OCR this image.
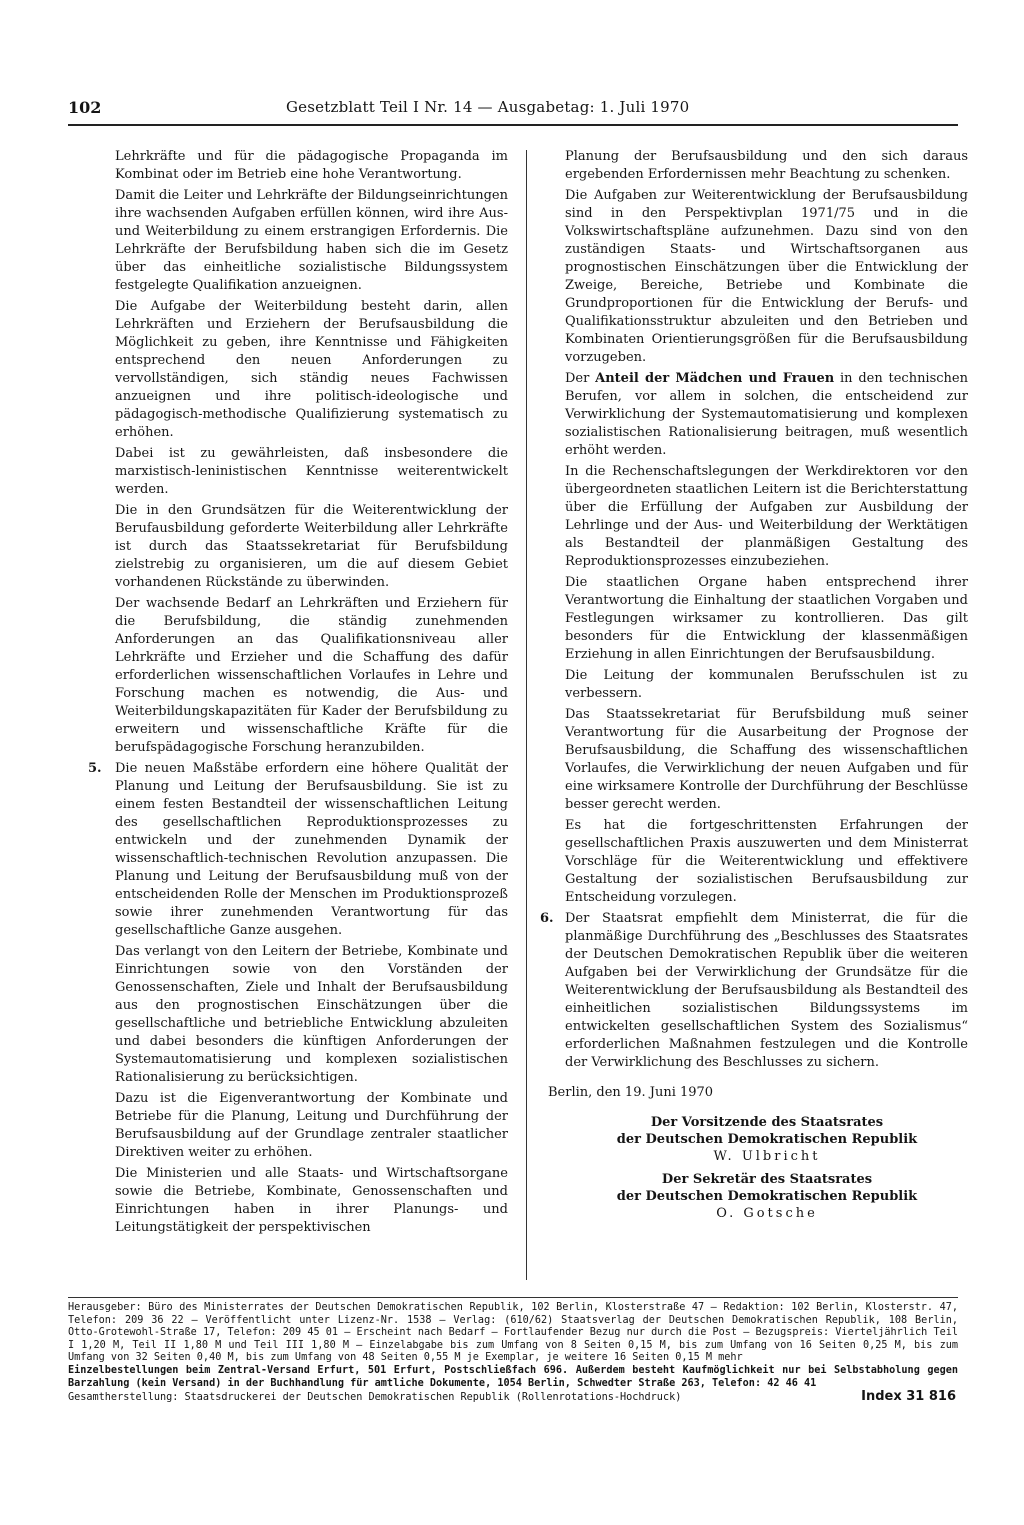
102	Gesetzblatt Teil I Nr. 14 — Ausgabetag: 1. Juli 1970

Lehrkräfte und für die pädagogische Propaganda im Kombinat oder im Betrieb eine hohe Verantwortung.

Damit die Leiter und Lehrkräfte der Bildungseinrichtungen ihre wachsenden Aufgaben erfüllen können, wird ihre Aus- und Weiterbildung zu einem erstrangigen Erfordernis. Die Lehrkräfte der Berufsbildung haben sich die im Gesetz über das einheitliche sozialistische Bildungssystem festgelegte Qualifikation anzueignen.

Die Aufgabe der Weiterbildung besteht darin, allen Lehrkräften und Erziehern der Berufsausbildung die Möglichkeit zu geben, ihre Kenntnisse und Fähigkeiten entsprechend den neuen Anforderungen zu vervollständigen, sich ständig neues Fachwissen anzueignen und ihre politisch-ideologische und pädagogisch-methodische Qualifizierung systematisch zu erhöhen.

Dabei ist zu gewährleisten, daß insbesondere die marxistisch-leninistischen Kenntnisse weiterentwickelt werden.

Die in den Grundsätzen für die Weiterentwicklung der Berufausbildung geforderte Weiterbildung aller Lehrkräfte ist durch das Staatssekretariat für Berufsbildung zielstrebig zu organisieren, um die auf diesem Gebiet vorhandenen Rückstände zu überwinden.

Der wachsende Bedarf an Lehrkräften und Erziehern für die Berufsbildung, die ständig zunehmenden Anforderungen an das Qualifikationsniveau aller Lehrkräfte und Erzieher und die Schaffung des dafür erforderlichen wissenschaftlichen Vorlaufes in Lehre und Forschung machen es notwendig, die Aus- und Weiterbildungskapazitäten für Kader der Berufsbildung zu erweitern und wissenschaftliche Kräfte für die berufspädagogische Forschung heranzubilden.

5. Die neuen Maßstäbe erfordern eine höhere Qualität der Planung und Leitung der Berufsausbildung. Sie ist zu einem festen Bestandteil der wissenschaftlichen Leitung des gesellschaftlichen Reproduktionsprozesses zu entwickeln und der zunehmenden Dynamik der wissenschaftlich-technischen Revolution anzupassen. Die Planung und Leitung der Berufsausbildung muß von der entscheidenden Rolle der Menschen im Produktionsprozeß sowie ihrer zunehmenden Verantwortung für das gesellschaftliche Ganze ausgehen.

Das verlangt von den Leitern der Betriebe, Kombinate und Einrichtungen sowie von den Vorständen der Genossenschaften, Ziele und Inhalt der Berufsausbildung aus den prognostischen Einschätzungen über die gesellschaftliche und betriebliche Entwicklung abzuleiten und dabei besonders die künftigen Anforderungen der Systemautomatisierung und komplexen sozialistischen Rationalisierung zu berücksichtigen.

Dazu ist die Eigenverantwortung der Kombinate und Betriebe für die Planung, Leitung und Durchführung der Berufsausbildung auf der Grundlage zentraler staatlicher Direktiven weiter zu erhöhen.

Die Ministerien und alle Staats- und Wirtschaftsorgane sowie die Betriebe, Kombinate, Genossenschaften und Einrichtungen haben in ihrer Planungs- und Leitungstätigkeit der perspektivischen

Planung der Berufsausbildung und den sich daraus ergebenden Erfordernissen mehr Beachtung zu schenken.

Die Aufgaben zur Weiterentwicklung der Berufsausbildung sind in den Perspektivplan 1971/75 und in die Volkswirtschaftspläne aufzunehmen. Dazu sind von den zuständigen Staats- und Wirtschaftsorganen aus prognostischen Einschätzungen über die Entwicklung der Zweige, Bereiche, Betriebe und Kombinate die Grundproportionen für die Entwicklung der Berufs- und Qualifikationsstruktur abzuleiten und den Betrieben und Kombinaten Orientierungsgrößen für die Berufsausbildung vorzugeben.

Der Anteil der Mädchen und Frauen in den technischen Berufen, vor allem in solchen, die entscheidend zur Verwirklichung der Systemautomatisierung und komplexen sozialistischen Rationalisierung beitragen, muß wesentlich erhöht werden.

In die Rechenschaftslegungen der Werkdirektoren vor den übergeordneten staatlichen Leitern ist die Berichterstattung über die Erfüllung der Aufgaben zur Ausbildung der Lehrlinge und der Aus- und Weiterbildung der Werktätigen als Bestandteil der planmäßigen Gestaltung des Reproduktionsprozesses einzubeziehen.

Die staatlichen Organe haben entsprechend ihrer Verantwortung die Einhaltung der staatlichen Vorgaben und Festlegungen wirksamer zu kontrollieren. Das gilt besonders für die Entwicklung der klassenmäßigen Erziehung in allen Einrichtungen der Berufsausbildung.

Die Leitung der kommunalen Berufsschulen ist zu verbessern.

Das Staatssekretariat für Berufsbildung muß seiner Verantwortung für die Ausarbeitung der Prognose der Berufsausbildung, die Schaffung des wissenschaftlichen Vorlaufes, die Verwirklichung der neuen Aufgaben und für eine wirksamere Kontrolle der Durchführung der Beschlüsse besser gerecht werden.

Es hat die fortgeschrittensten Erfahrungen der gesellschaftlichen Praxis auszuwerten und dem Ministerrat Vorschläge für die Weiterentwicklung und effektivere Gestaltung der sozialistischen Berufsausbildung zur Entscheidung vorzulegen.

6. Der Staatsrat empfiehlt dem Ministerrat, die für die planmäßige Durchführung des „Beschlusses des Staatsrates der Deutschen Demokratischen Republik über die weiteren Aufgaben bei der Verwirklichung der Grundsätze für die Weiterentwicklung der Berufsausbildung als Bestandteil des einheitlichen sozialistischen Bildungssystems im entwickelten gesellschaftlichen System des Sozialismus“ erforderlichen Maßnahmen festzulegen und die Kontrolle der Verwirklichung des Beschlusses zu sichern.

Berlin, den 19. Juni 1970
Der Vorsitzende des Staatsrates
der Deutschen Demokratischen Republik
W. Ulbricht
Der Sekretär des Staatsrates
der Deutschen Demokratischen Republik
O. Gotsche

Herausgeber: Büro des Ministerrates der Deutschen Demokratischen Republik, 102 Berlin, Klosterstraße 47 – Redaktion: 102 Berlin, Klosterstr. 47, Telefon: 209 36 22 – Veröffentlicht unter Lizenz-Nr. 1538 – Verlag: (610/62) Staatsverlag der Deutschen Demokratischen Republik, 108 Berlin, Otto-Grotewohl-Straße 17, Telefon: 209 45 01 – Erscheint nach Bedarf – Fortlaufender Bezug nur durch die Post – Bezugspreis: Vierteljährlich Teil I 1,20 M, Teil II 1,80 M und Teil III 1,80 M – Einzelabgabe bis zum Umfang von 8 Seiten 0,15 M, bis zum Umfang von 16 Seiten 0,25 M, bis zum Umfang von 32 Seiten 0,40 M, bis zum Umfang von 48 Seiten 0,55 M je Exemplar, je weitere 16 Seiten 0,15 M mehr

Einzelbestellungen beim Zentral-Versand Erfurt, 501 Erfurt, Postschließfach 696. Außerdem besteht Kaufmöglichkeit nur bei Selbstabholung gegen Barzahlung (kein Versand) in der Buchhandlung für amtliche Dokumente, 1054 Berlin, Schwedter Straße 263, Telefon: 42 46 41

Gesamtherstellung: Staatsdruckerei der Deutschen Demokratischen Republik (Rollenrotations-Hochdruck)	Index 31 816
